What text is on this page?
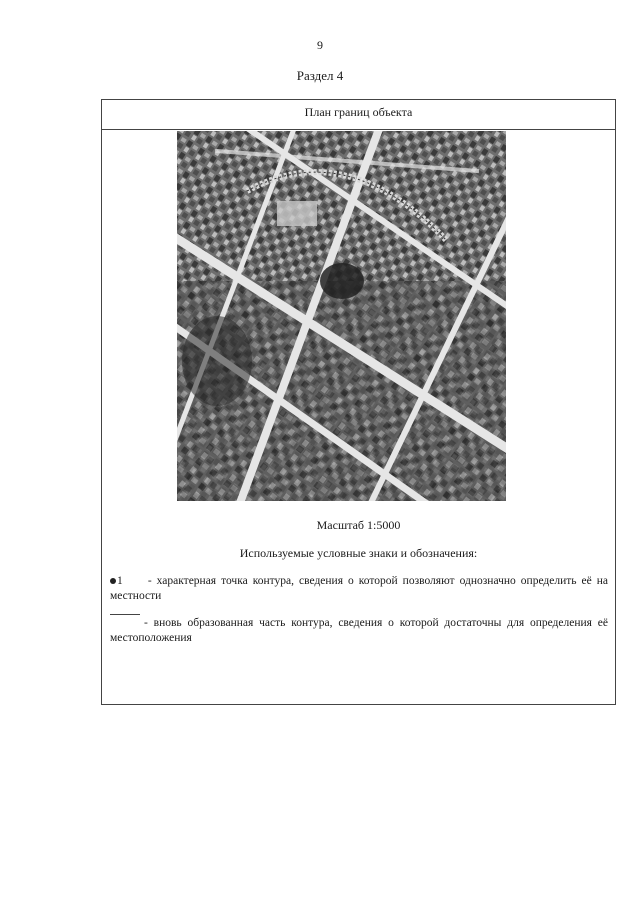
9
Раздел 4
План границ объекта
Масштаб 1:5000
Используемые условные знаки и обозначения:
1 - характерная точка контура, сведения о которой позволяют однозначно определить её на местности
- вновь образованная часть контура, сведения о которой достаточны для определения её местоположения
